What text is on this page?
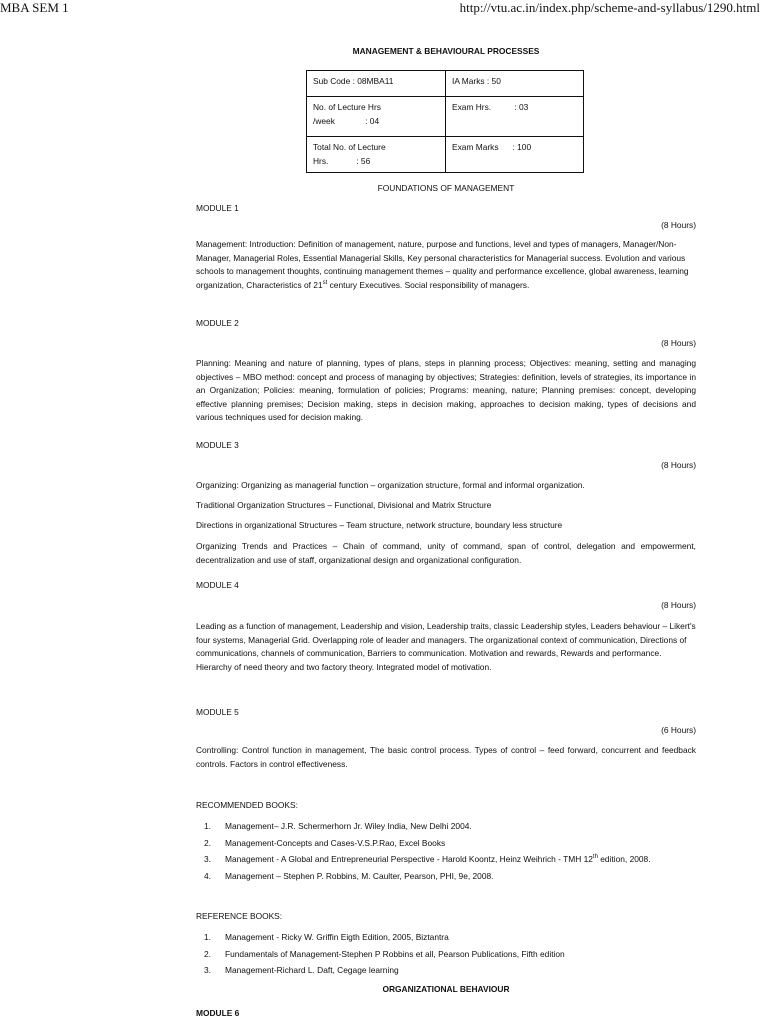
MBA SEM 1	http://vtu.ac.in/index.php/scheme-and-syllabus/1290.html
MANAGEMENT & BEHAVIOURAL PROCESSES
Sub Code : 08MBA11	IA Marks : 50

No. of Lecture Hrs
/week             : 04	Exam Hrs.          : 03

Total No. of Lecture
Hrs.            : 56	Exam Marks      : 100
FOUNDATIONS OF MANAGEMENT
MODULE 1
(8 Hours)
Management: Introduction: Definition of management, nature, purpose and functions, level and types of managers, Manager/Non-Manager, Managerial Roles, Essential Managerial Skills, Key personal characteristics for Managerial success. Evolution and various schools to management thoughts, continuing management themes – quality and performance excellence, global awareness, learning organization, Characteristics of 21st century Executives. Social responsibility of managers.
MODULE 2
(8 Hours)
Planning: Meaning and nature of planning, types of plans, steps in planning process; Objectives: meaning, setting and managing objectives – MBO method: concept and process of managing by objectives; Strategies: definition, levels of strategies, its importance in an Organization; Policies: meaning, formulation of policies; Programs: meaning, nature; Planning premises: concept, developing effective planning premises; Decision making, steps in decision making, approaches to decision making, types of decisions and various techniques used for decision making.
MODULE 3
(8 Hours)
Organizing: Organizing as managerial function – organization structure, formal and informal organization.
Traditional Organization Structures – Functional, Divisional and Matrix Structure
Directions in organizational Structures – Team structure, network structure, boundary less structure
Organizing Trends and Practices – Chain of command, unity of command, span of control, delegation and empowerment, decentralization and use of staff, organizational design and organizational configuration.
MODULE 4
(8 Hours)
Leading as a function of management, Leadership and vision, Leadership traits, classic Leadership styles, Leaders behaviour – Likert's four systems, Managerial Grid. Overlapping role of leader and managers. The organizational context of communication, Directions of communications, channels of communication, Barriers to communication. Motivation and rewards, Rewards and performance. Hierarchy of need theory and two factory theory. Integrated model of motivation.
MODULE 5
(6 Hours)
Controlling: Control function in management, The basic control process. Types of control – feed forward, concurrent and feedback controls. Factors in control effectiveness.
RECOMMENDED BOOKS:
1. Management– J.R. Schermerhorn Jr. Wiley India, New Delhi 2004.
2. Management-Concepts and Cases-V.S.P.Rao, Excel Books
3. Management - A Global and Entrepreneurial Perspective - Harold Koontz, Heinz Weihrich - TMH 12th edition, 2008.
4. Management – Stephen P. Robbins, M. Caulter, Pearson, PHI, 9e, 2008.
REFERENCE BOOKS:
1. Management - Ricky W. Griffin Eigth Edition, 2005, Biztantra
2. Fundamentals of Management-Stephen P Robbins et all, Pearson Publications, Fifth edition
3. Management-Richard L. Daft, Cegage learning
ORGANIZATIONAL BEHAVIOUR
MODULE 6
